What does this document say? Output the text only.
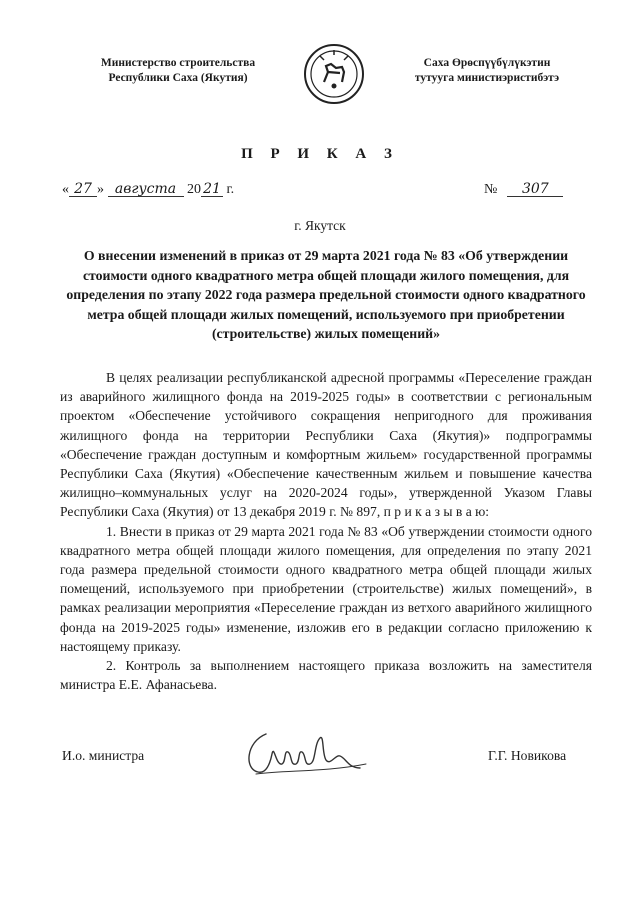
Министерство строительства
Республики Саха (Якутия)
Саха Өрөспүүбүлүкэтин
тутууга министиэристибэтэ
П Р И К А З
« 27 » августа 20 21 г.	№ 307
г. Якутск
О внесении изменений в приказ от 29 марта 2021 года № 83 «Об утверждении стоимости одного квадратного метра общей площади жилого помещения, для определения по этапу 2022 года размера предельной стоимости одного квадратного метра общей площади жилых помещений, используемого при приобретении (строительстве) жилых помещений»

В целях реализации республиканской адресной программы «Переселение граждан из аварийного жилищного фонда на 2019-2025 годы» в соответствии с региональным проектом «Обеспечение устойчивого сокращения непригодного для проживания жилищного фонда на территории Республики Саха (Якутия)» подпрограммы «Обеспечение граждан доступным и комфортным жильем» государственной программы Республики Саха (Якутия) «Обеспечение качественным жильем и повышение качества жилищно–коммунальных услуг на 2020-2024 годы», утвержденной Указом Главы Республики Саха (Якутия) от 13 декабря 2019 г. № 897, п р и к а з ы в а ю:

1. Внести в приказ от 29 марта 2021 года № 83 «Об утверждении стоимости одного квадратного метра общей площади жилого помещения, для определения по этапу 2021 года размера предельной стоимости одного квадратного метра общей площади жилых помещений, используемого при приобретении (строительстве) жилых помещений», в рамках реализации мероприятия «Переселение граждан из ветхого аварийного жилищного фонда на 2019-2025 годы» изменение, изложив его в редакции согласно приложению к настоящему приказу.

2. Контроль за выполнением настоящего приказа возложить на заместителя министра Е.Е. Афанасьева.

И.о. министра	Г.Г. Новикова
